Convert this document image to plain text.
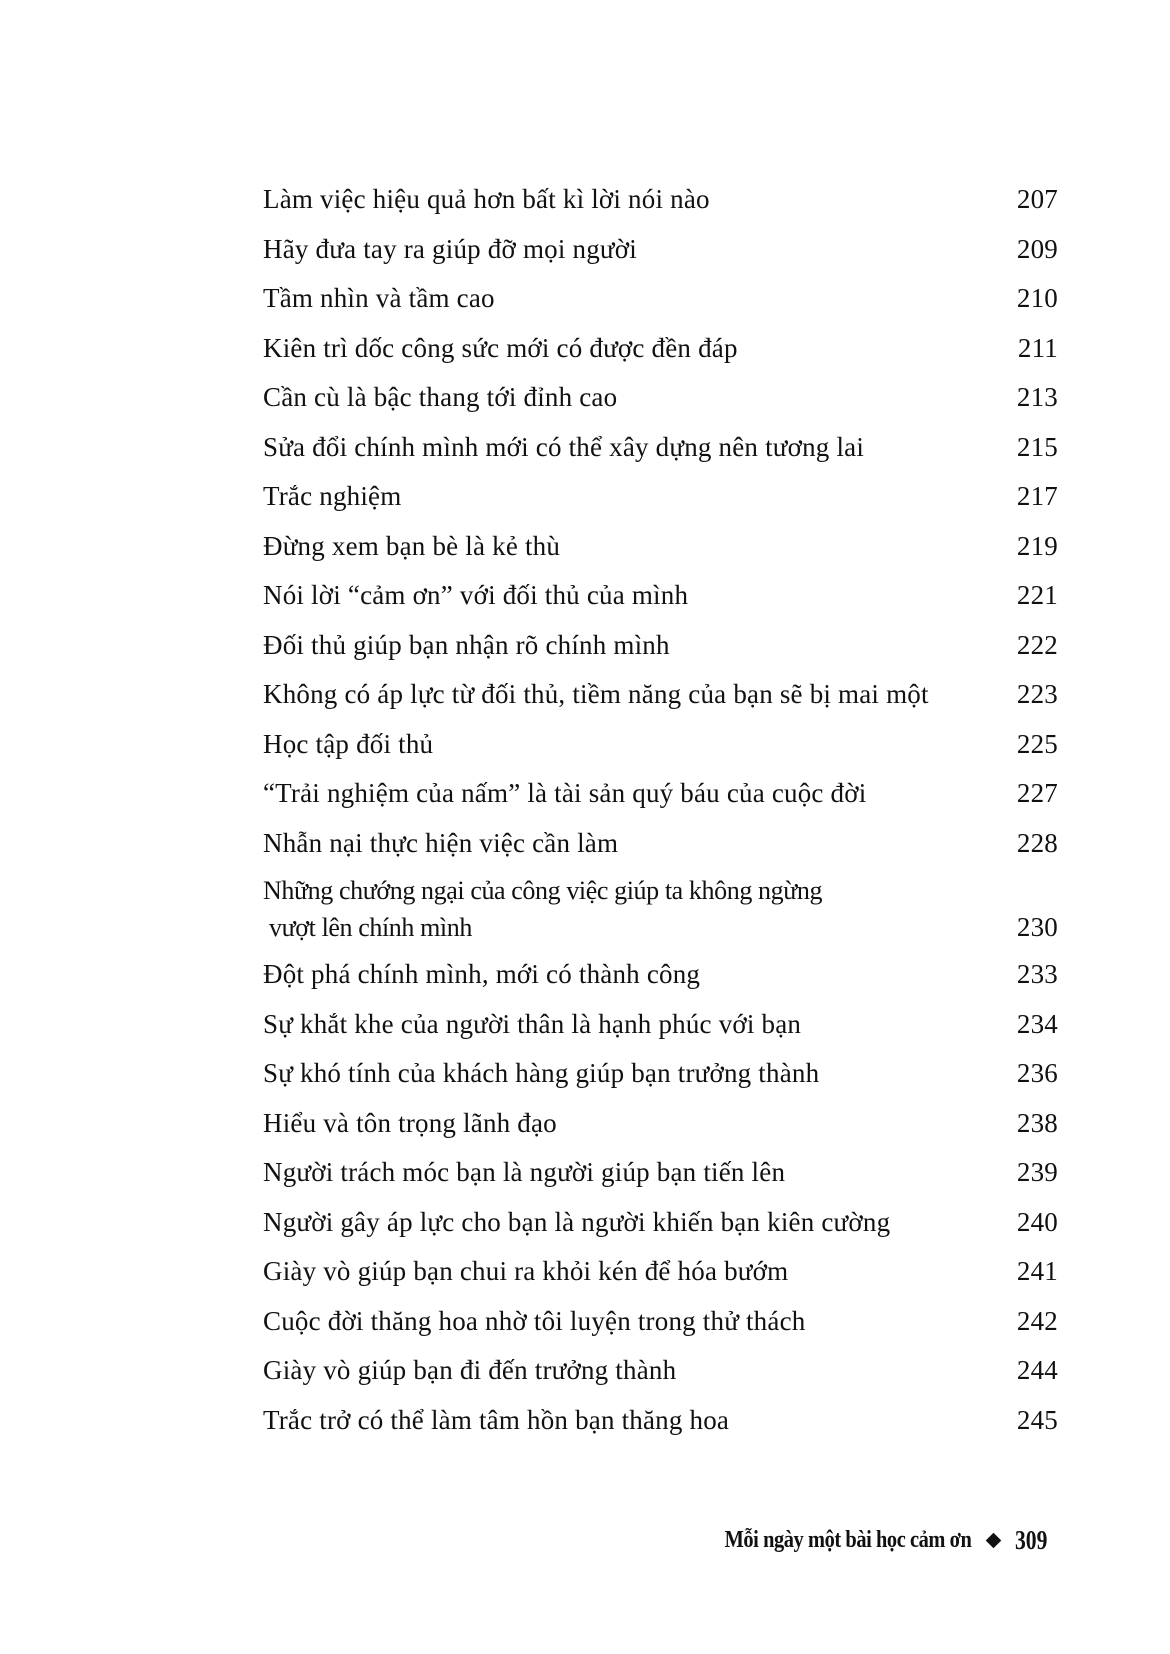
Làm việc hiệu quả hơn bất kì lời nói nào	207
Hãy đưa tay ra giúp đỡ mọi người	209
Tầm nhìn và tầm cao	210
Kiên trì dốc công sức mới có được đền đáp	211
Cần cù là bậc thang tới đỉnh cao	213
Sửa đổi chính mình mới có thể xây dựng nên tương lai	215
Trắc nghiệm	217
Đừng xem bạn bè là kẻ thù	219
Nói lời “cảm ơn” với đối thủ của mình	221
Đối thủ giúp bạn nhận rõ chính mình	222
Không có áp lực từ đối thủ, tiềm năng của bạn sẽ bị mai một	223
Học tập đối thủ	225
“Trải nghiệm của nấm” là tài sản quý báu của cuộc đời	227
Nhẫn nại thực hiện việc cần làm	228
Những chướng ngại của công việc giúp ta không ngừng
vượt lên chính mình	230
Đột phá chính mình, mới có thành công	233
Sự khắt khe của người thân là hạnh phúc với bạn	234
Sự khó tính của khách hàng giúp bạn trưởng thành	236
Hiểu và tôn trọng lãnh đạo	238
Người trách móc bạn là người giúp bạn tiến lên	239
Người gây áp lực cho bạn là người khiến bạn kiên cường	240
Giày vò giúp bạn chui ra khỏi kén để hóa bướm	241
Cuộc đời thăng hoa nhờ tôi luyện trong thử thách	242
Giày vò giúp bạn đi đến trưởng thành	244
Trắc trở có thể làm tâm hồn bạn thăng hoa	245
Mỗi ngày một bài học cảm ơn 309
